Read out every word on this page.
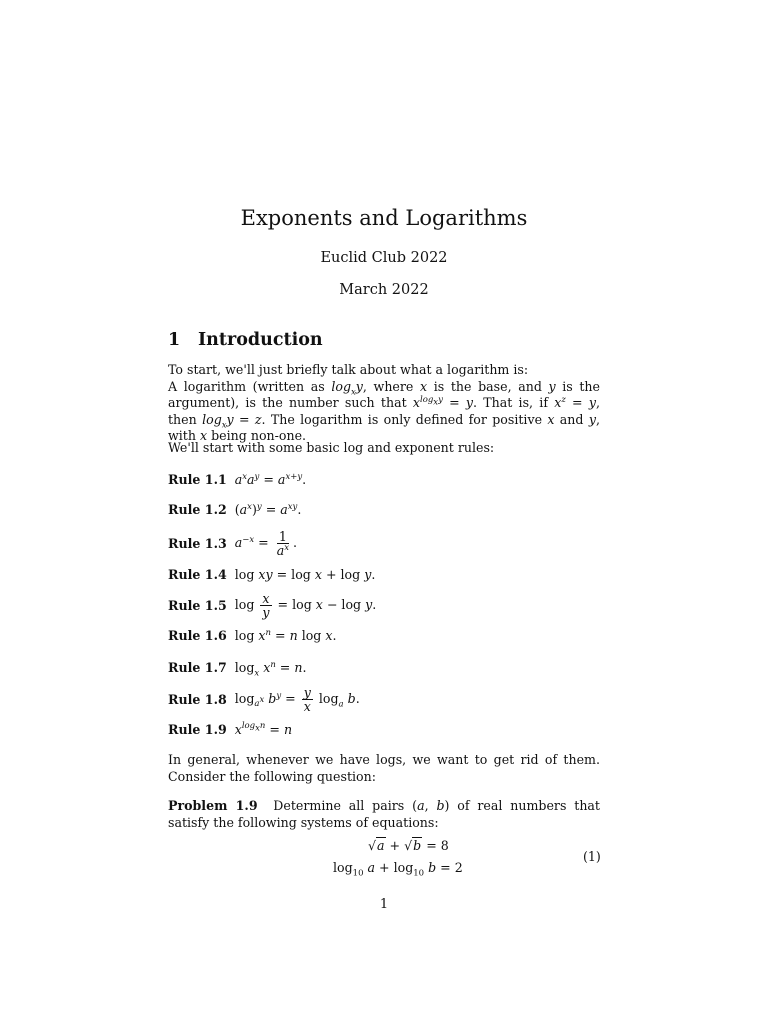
Exponents and Logarithms
Euclid Club 2022
March 2022
1 Introduction
To start, we'll just briefly talk about what a logarithm is:
A logarithm (written as $\log_xy$, where x is the base, and y is the argument), is the number such that $x^{log_xy} = y$. That is, if $x^z = y$, then $\log_xy = z$. The logarithm is only defined for positive x and y, with x being non-one.
We'll start with some basic log and exponent rules:
Rule 1.1 $a^xa^y = a^{x+y}$.
Rule 1.2 $(a^x)^y = a^{xy}$.
Rule 1.3 $a^{-x} = \frac{1}{a^x}$ .
Rule 1.4 log xy = log x + log y.
Rule 1.5 $\log \frac{x}{y} = \log x - \log y$.
Rule 1.6 $\log x^n = n$ log x.
Rule 1.7 $\log_x x^n = n$.
Rule 1.8 $\log_{a^x} b^y = \frac{y}{x} \log_a b$.
Rule 1.9 $x^{log_xn} = n$
In general, whenever we have logs, we want to get rid of them. Consider the following question:
Problem 1.9 Determine all pairs (a, b) of real numbers that satisfy the following systems of equations:
√a + √b = 8
$\log_{10} a + \log_{10} b = 2$
(1)
1
